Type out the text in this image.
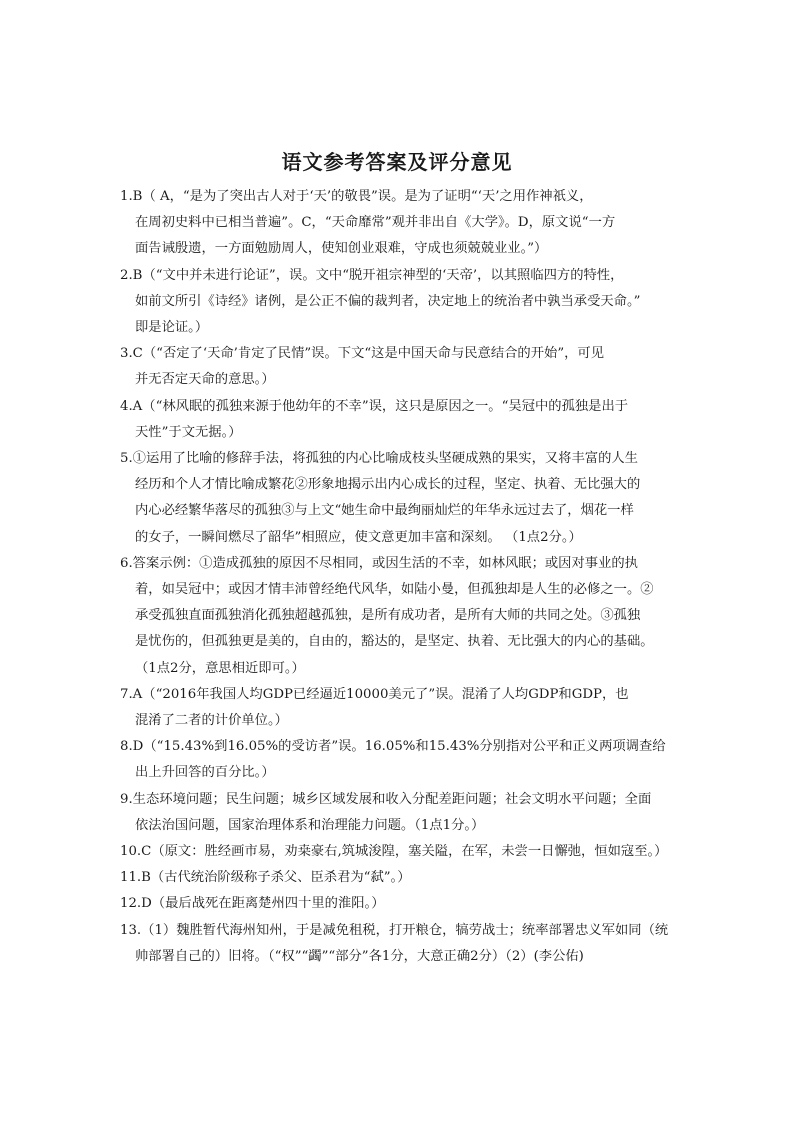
语文参考答案及评分意见
1.B（ A，“是为了突出古人对于‘天’的敬畏”误。是为了证明“‘天’之用作神祇义，
在周初史料中已相当普遍”。C，“天命靡常”观并非出自《大学》。D，原文说“一方
面告诫殷遗，一方面勉励周人，使知创业艰难，守成也须兢兢业业。”）
2.B（“文中并未进行论证”，误。文中“脱开祖宗神型的‘天帝’，以其照临四方的特性，
如前文所引《诗经》诸例，是公正不偏的裁判者，决定地上的统治者中孰当承受天命。”
即是论证。）
3.C（“否定了‘天命’肯定了民情”误。下文“这是中国天命与民意结合的开始”，可见
并无否定天命的意思。）
4.A（“林风眠的孤独来源于他幼年的不幸”误，这只是原因之一。“吴冠中的孤独是出于
天性”于文无据。）
5.①运用了比喻的修辞手法，将孤独的内心比喻成枝头坚硬成熟的果实，又将丰富的人生
经历和个人才情比喻成繁花②形象地揭示出内心成长的过程，坚定、执着、无比强大的
内心必经繁华落尽的孤独③与上文“她生命中最绚丽灿烂的年华永远过去了，烟花一样
的女子，一瞬间燃尽了韶华”相照应，使文意更加丰富和深刻。 （1点2分。）
6.答案示例：①造成孤独的原因不尽相同，或因生活的不幸，如林风眠；或因对事业的执
着，如吴冠中；或因才情丰沛曾经绝代风华，如陆小曼，但孤独却是人生的必修之一。②
承受孤独直面孤独消化孤独超越孤独，是所有成功者，是所有大师的共同之处。③孤独
是忧伤的，但孤独更是美的，自由的，豁达的，是坚定、执着、无比强大的内心的基础。
（1点2分，意思相近即可。）
7.A（“2016年我国人均GDP已经逼近10000美元了”误。混淆了人均GDP和GDP，也
混淆了二者的计价单位。）
8.D（“15.43%到16.05%的受访者”误。16.05%和15.43%分别指对公平和正义两项调查给
出上升回答的百分比。）
9.生态环境问题；民生问题；城乡区域发展和收入分配差距问题；社会文明水平问题；全面
依法治国问题，国家治理体系和治理能力问题。（1点1分。）
10.C（原文：胜经画市易，劝桒豪右,筑城浚隍，塞关隘，在军，未尝一日懈弛，恒如寇至。）
11.B（古代统治阶级称子杀父、臣杀君为“弑”。）
12.D（最后战死在距离楚州四十里的淮阳。）
13.（1）魏胜暂代海州知州，于是减免租税，打开粮仓，犒劳战士；统率部署忠义军如同（统
帅部署自己的）旧将。（“权”“蠲”“部分”各1分，大意正确2分）（2）(李公佑)
